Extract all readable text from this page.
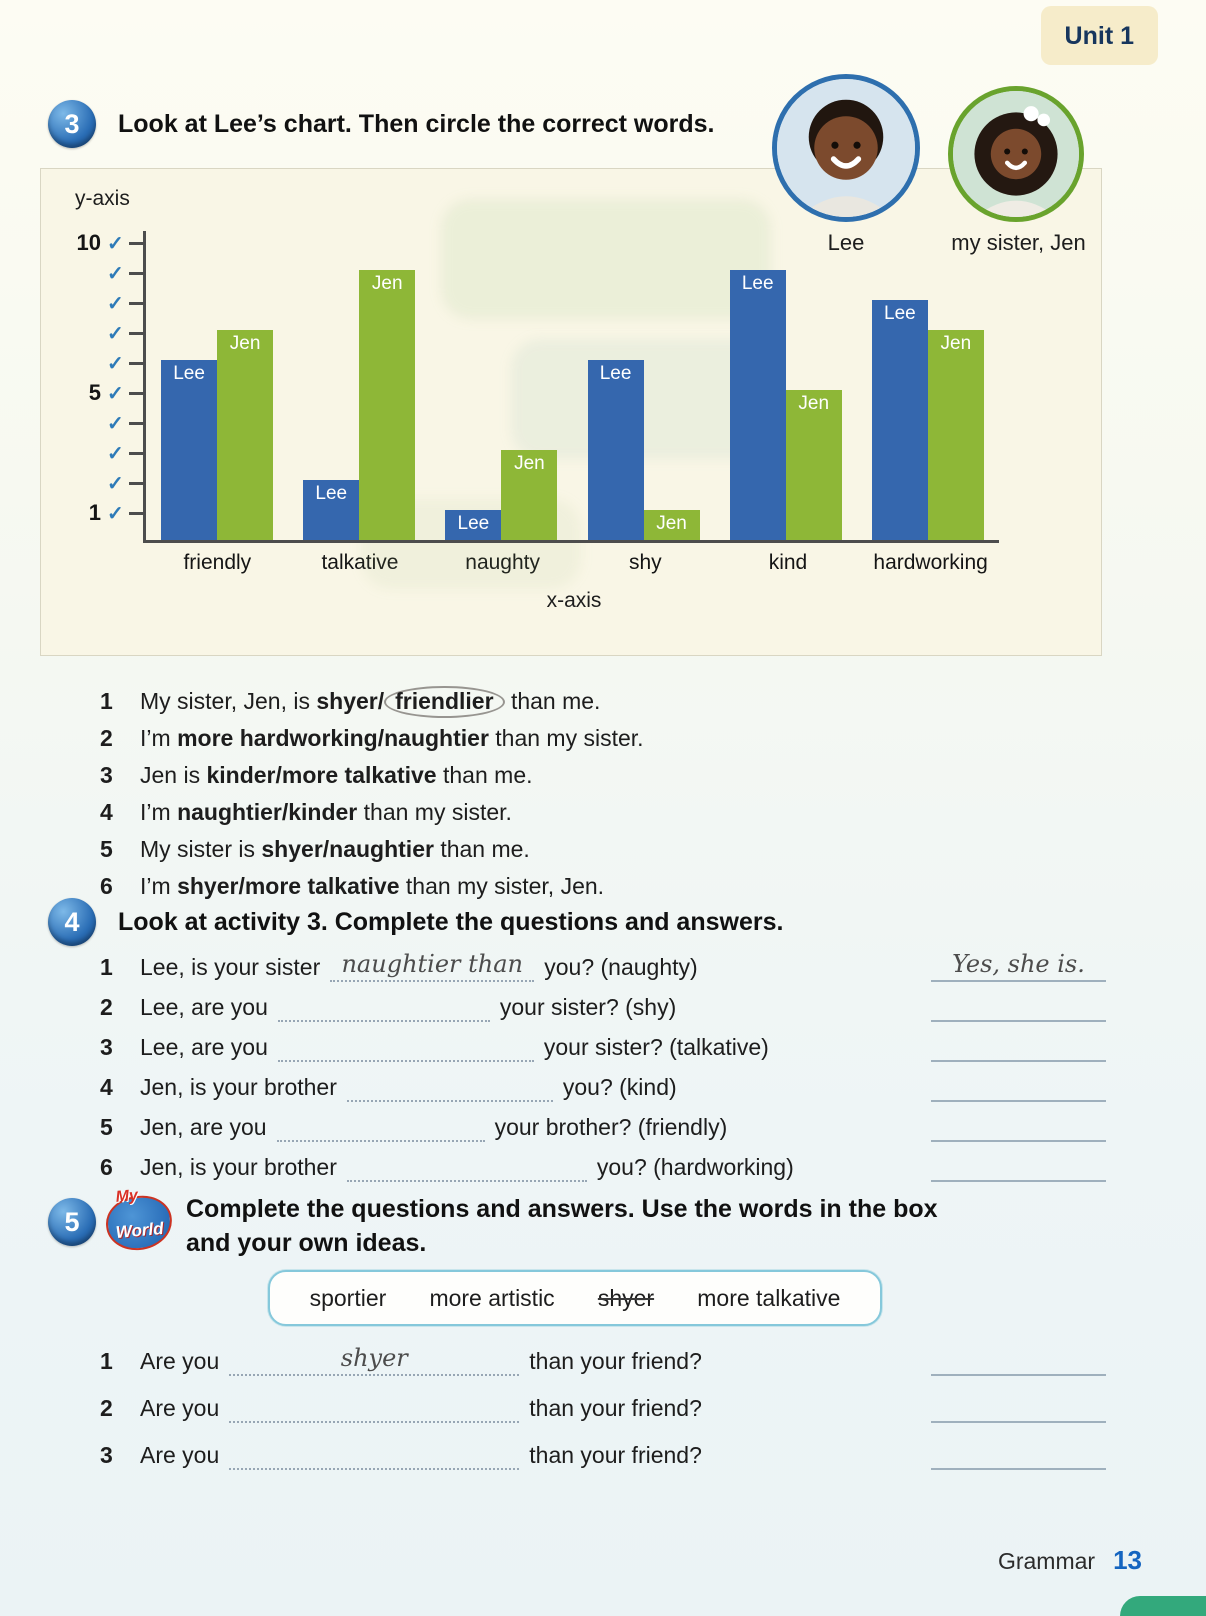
Unit 1
3	Look at Lee’s chart. Then circle the correct words.
Lee	my sister, Jen
y-axis
1 ✓
✓
✓
✓
5 ✓
✓
✓
✓
✓
10 ✓
Lee
Jen
Lee
Jen
Lee
Jen
Lee
Jen
Lee
Jen
Lee
Jen
friendly	talkative	naughty	shy	kind	hardworking
x-axis
1	My sister, Jen, is shyer/ friendlier than me.
2	I’m more hardworking/naughtier than my sister.
3	Jen is kinder/more talkative than me.
4	I’m naughtier/kinder than my sister.
5	My sister is shyer/naughtier than me.
6	I’m shyer/more talkative than my sister, Jen.
4	Look at activity 3. Complete the questions and answers.
1	Lee, is your sister naughtier than you? (naughty)	Yes, she is.
2	Lee, are you	your sister? (shy)
3	Lee, are you	your sister? (talkative)
4	Jen, is your brother	you? (kind)
5	Jen, are you	your brother? (friendly)
6	Jen, is your brother	you? (hardworking)
5
My
World
Complete the questions and answers. Use the words in the box and your own ideas.
sportier more artistic shyer more talkative
1	Are you	shyer	than your friend?
2	Are you	than your friend?
3	Are you	than your friend?
Grammar 13
